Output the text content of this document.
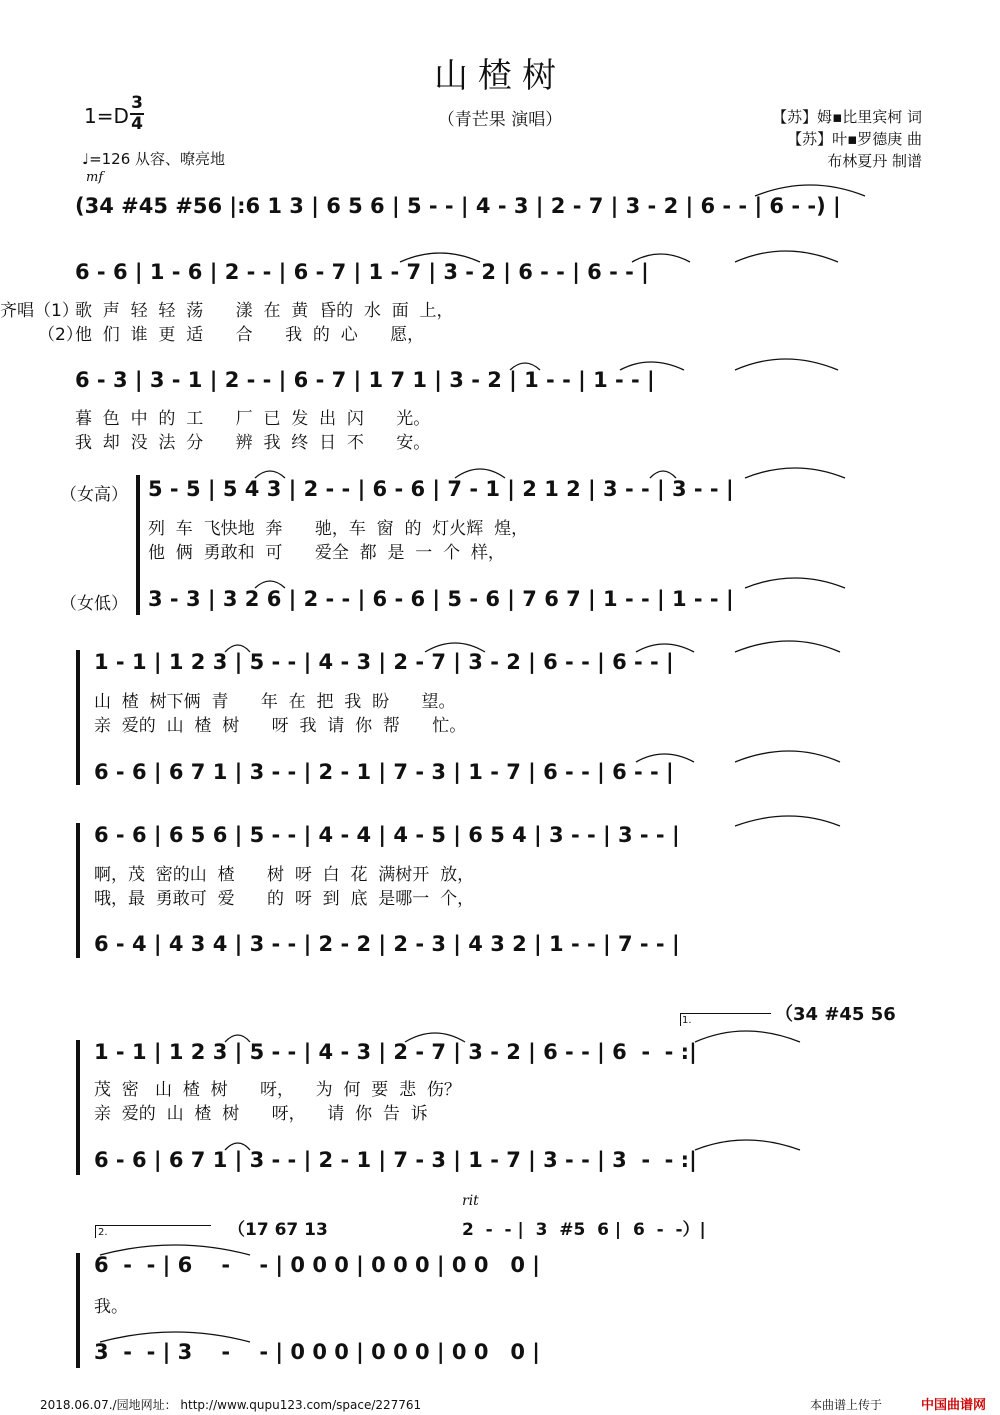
山楂树
1=D
3
4
♩=126 从容、嘹亮地
（青芒果 演唱）	【苏】姆▪比里宾柯 词
【苏】叶▪罗德庚 曲
布林夏丹 制谱
mf
(34 #45 #56 |:6 1 3 | 6 5 6 | 5 - - | 4 - 3 | 2 - 7 | 3 - 2 | 6 - - | 6 - -) |
6 - 6 | 1 - 6 | 2 - - | 6 - 7 | 1 - 7 | 3 - 2 | 6 - - | 6 - - |
齐唱（1）
（2）
歌  声  轻  轻  荡      漾  在  黄  昏的  水  面  上，
他  们  谁  更  适      合      我  的  心      愿，
6 - 3 | 3 - 1 | 2 - - | 6 - 7 | 1 7 1 | 3 - 2 | 1 - - | 1 - - |
暮  色  中  的  工      厂  已  发  出  闪      光。
我  却  没  法  分      辨  我  终  日  不      安。
（女高）
（女低）
5 - 5 | 5 4 3 | 2 - - | 6 - 6 | 7 - 1 | 2 1 2 | 3 - - | 3 - - |
列  车  飞快地  奔      驰，车  窗  的  灯火辉  煌，
他  俩  勇敢和  可      爱全  都  是  一  个  样，
3 - 3 | 3 2 6 | 2 - - | 6 - 6 | 5 - 6 | 7 6 7 | 1 - - | 1 - - |
1 - 1 | 1 2 3 | 5 - - | 4 - 3 | 2 - 7 | 3 - 2 | 6 - - | 6 - - |
山  楂  树下俩  青      年  在  把  我  盼      望。
亲  爱的  山  楂  树      呀  我  请  你  帮      忙。
6 - 6 | 6 7 1 | 3 - - | 2 - 1 | 7 - 3 | 1 - 7 | 6 - - | 6 - - |
6 - 6 | 6 5 6 | 5 - - | 4 - 4 | 4 - 5 | 6 5 4 | 3 - - | 3 - - |
啊，茂  密的山  楂      树  呀  白  花  满树开  放，
哦，最  勇敢可  爱      的  呀  到  底  是哪一  个，
6 - 4 | 4 3 4 | 3 - - | 2 - 2 | 2 - 3 | 4 3 2 | 1 - - | 7 - - |
1.	（34 #45 56
1 - 1 | 1 2 3 | 5 - - | 4 - 3 | 2 - 7 | 3 - 2 | 6 - - | 6  -  - :|
茂  密   山  楂  树      呀，    为  何  要  悲  伤？
亲  爱的  山  楂  树      呀，    请  你  告  诉
6 - 6 | 6 7 1 | 3 - - | 2 - 1 | 7 - 3 | 1 - 7 | 3 - - | 3  -  - :|
rit
2.	（17 67 13	2  -  - |  3  #5  6 |  6  -  -）|
6  -  - | 6    -    - | 0 0 0 | 0 0 0 | 0 0   0 |
我。
3  -  - | 3    -    - | 0 0 0 | 0 0 0 | 0 0   0 |
2018.06.07./园地网址： http://www.qupu123.com/space/227761	本曲谱上传于	中国曲谱网
